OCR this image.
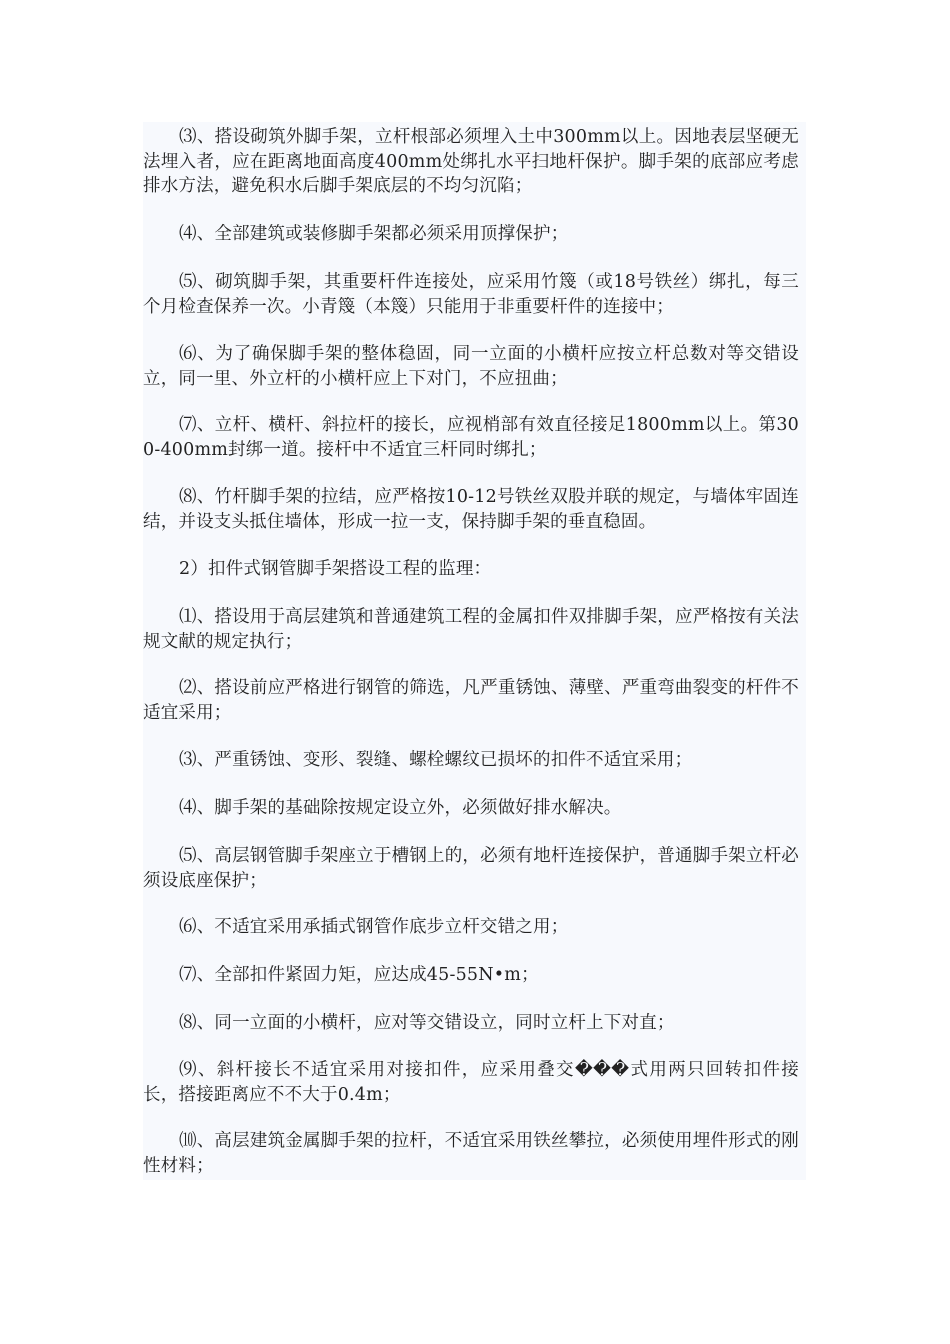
⑶、搭设砌筑外脚手架，立杆根部必须埋入土中300mm以上。因地表层坚硬无法埋入者，应在距离地面高度400mm处绑扎水平扫地杆保护。脚手架的底部应考虑排水方法，避免积水后脚手架底层的不均匀沉陷；

⑷、全部建筑或装修脚手架都必须采用顶撑保护；

⑸、砌筑脚手架，其重要杆件连接处，应采用竹篾（或18号铁丝）绑扎，每三个月检查保养一次。小青篾（本篾）只能用于非重要杆件的连接中；

⑹、为了确保脚手架的整体稳固，同一立面的小横杆应按立杆总数对等交错设立，同一里、外立杆的小横杆应上下对门，不应扭曲；

⑺、立杆、横杆、斜拉杆的接长，应视梢部有效直径接足1800mm以上。第300-400mm封绑一道。接杆中不适宜三杆同时绑扎；

⑻、竹杆脚手架的拉结，应严格按10-12号铁丝双股并联的规定，与墙体牢固连结，并设支头抵住墙体，形成一拉一支，保持脚手架的垂直稳固。

2）扣件式钢管脚手架搭设工程的监理：

⑴、搭设用于高层建筑和普通建筑工程的金属扣件双排脚手架，应严格按有关法规文献的规定执行；

⑵、搭设前应严格进行钢管的筛选，凡严重锈蚀、薄壁、严重弯曲裂变的杆件不适宜采用；

⑶、严重锈蚀、变形、裂缝、螺栓螺纹已损坏的扣件不适宜采用；

⑷、脚手架的基础除按规定设立外，必须做好排水解决。

⑸、高层钢管脚手架座立于槽钢上的，必须有地杆连接保护，普通脚手架立杆必须设底座保护；

⑹、不适宜采用承插式钢管作底步立杆交错之用；

⑺、全部扣件紧固力矩，应达成45-55N•m；

⑻、同一立面的小横杆，应对等交错设立，同时立杆上下对直；

⑼、斜杆接长不适宜采用对接扣件，应采用叠交���式用两只回转扣件接长，搭接距离应不不大于0.4m；

⑽、高层建筑金属脚手架的拉杆，不适宜采用铁丝攀拉，必须使用埋件形式的刚性材料；
